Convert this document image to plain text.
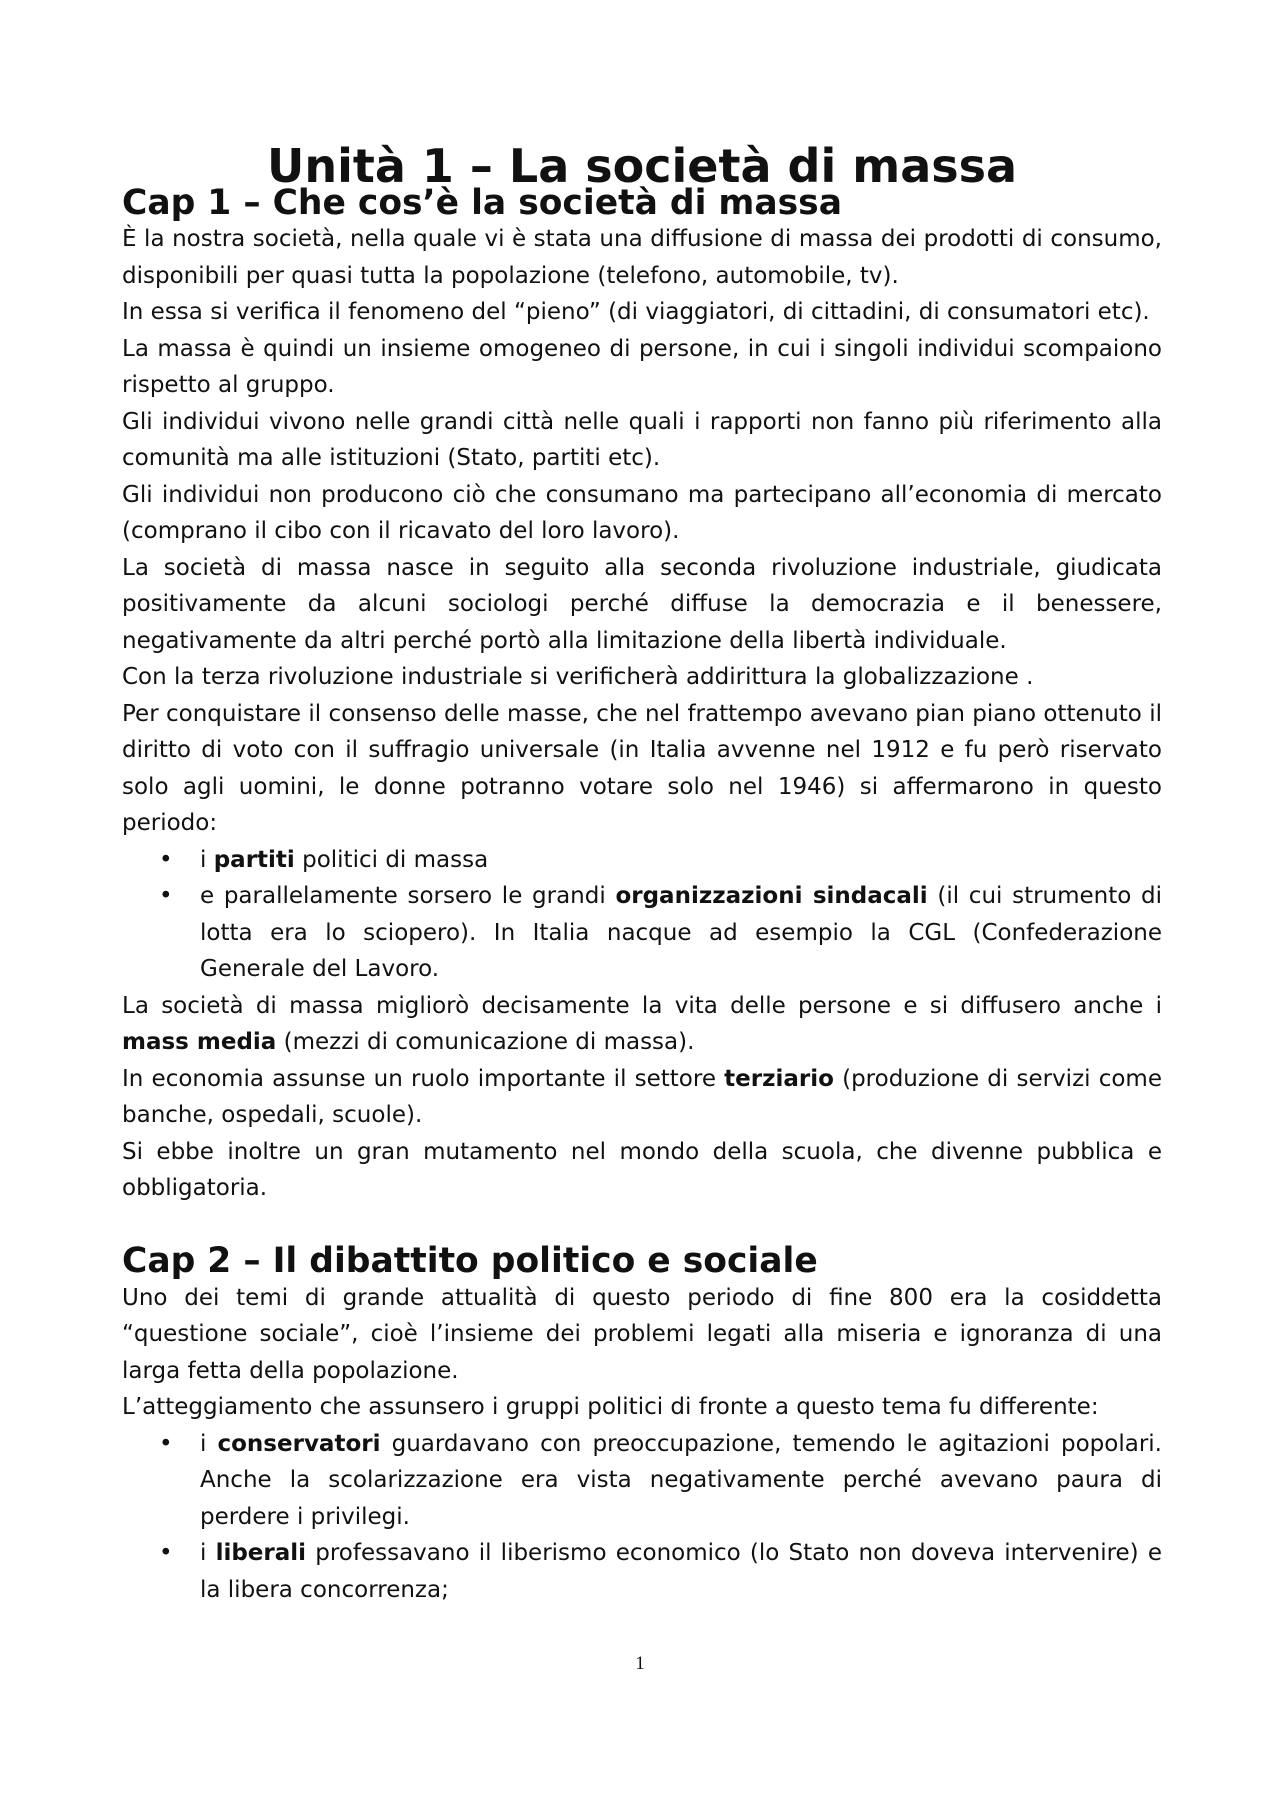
Unità 1 – La società di massa
Cap 1 – Che cos’è la società di massa

È la nostra società, nella quale vi è stata una diffusione di massa dei prodotti di consumo, disponibili per quasi tutta la popolazione (telefono, automobile, tv).

In essa si verifica il fenomeno del “pieno” (di viaggiatori, di cittadini, di consumatori etc).

La massa è quindi un insieme omogeneo di persone, in cui i singoli individui scompaiono rispetto al gruppo.

Gli individui vivono nelle grandi città nelle quali i rapporti non fanno più riferimento alla comunità ma alle istituzioni (Stato, partiti etc).

Gli individui non producono ciò che consumano ma partecipano all’economia di mercato (comprano il cibo con il ricavato del loro lavoro).

La società di massa nasce in seguito alla seconda rivoluzione industriale, giudicata positivamente da alcuni sociologi perché diffuse la democrazia e il benessere, negativamente da altri perché portò alla limitazione della libertà individuale.

Con la terza rivoluzione industriale si verificherà addirittura la globalizzazione .

Per conquistare il consenso delle masse, che nel frattempo avevano pian piano ottenuto il diritto di voto con il suffragio universale (in Italia avvenne nel 1912 e fu però riservato solo agli uomini, le donne potranno votare solo nel 1946) si affermarono in questo periodo:

• i partiti politici di massa
• e parallelamente sorsero le grandi organizzazioni sindacali (il cui strumento di lotta era lo sciopero). In Italia nacque ad esempio la CGL (Confederazione Generale del Lavoro.

La società di massa migliorò decisamente la vita delle persone e si diffusero anche i mass media (mezzi di comunicazione di massa).

In economia assunse un ruolo importante il settore terziario (produzione di servizi come banche, ospedali, scuole).

Si ebbe inoltre un gran mutamento nel mondo della scuola, che divenne pubblica e obbligatoria.

Cap 2 – Il dibattito politico e sociale

Uno dei temi di grande attualità di questo periodo di fine 800 era la cosiddetta “questione sociale”, cioè l’insieme dei problemi legati alla miseria e ignoranza di una larga fetta della popolazione.

L’atteggiamento che assunsero i gruppi politici di fronte a questo tema fu differente:

• i conservatori guardavano con preoccupazione, temendo le agitazioni popolari. Anche la scolarizzazione era vista negativamente perché avevano paura di perdere i privilegi.
• i liberali professavano il liberismo economico (lo Stato non doveva intervenire) e la libera concorrenza;
1
